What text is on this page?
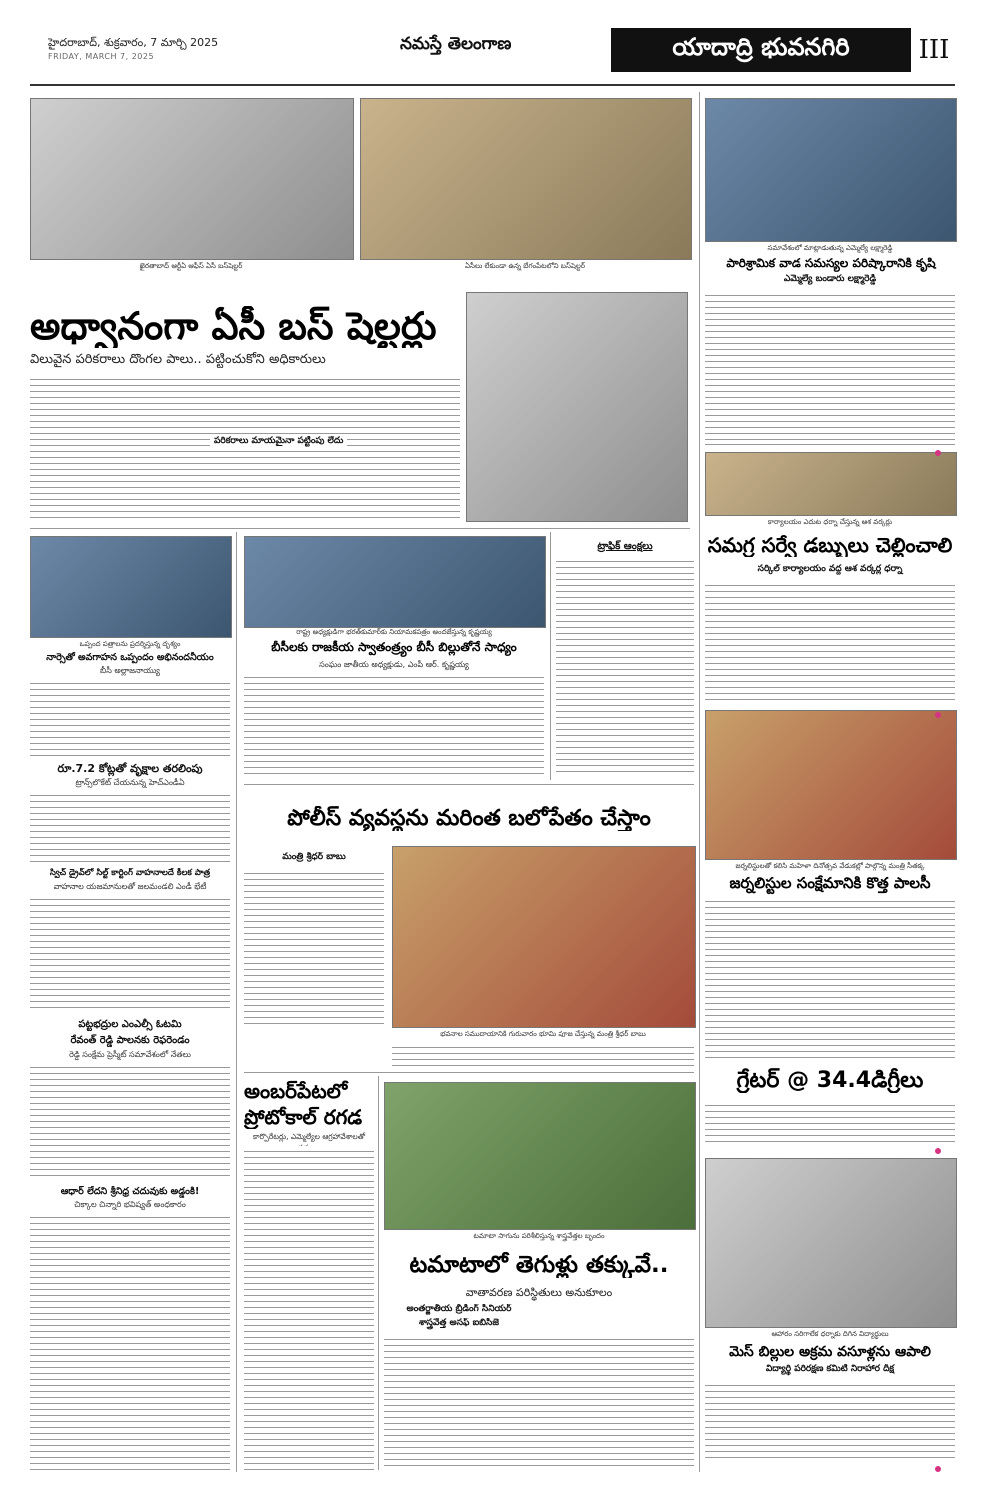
హైదరాబాద్, శుక్రవారం, 7 మార్చి 2025
FRIDAY, MARCH 7, 2025
నమస్తే తెలంగాణ	యాదాద్రి భువనగిరి	III
ఖైరతాబాద్ ఆర్టీఏ ఆఫీస్ ఏసీ బస్‌షెల్టర్	ఏసీలు లేకుండా ఉన్న బేగంపేటలోని బస్‌షెల్టర్
సమావేశంలో మాట్లాడుతున్న ఎమ్మెల్యే లక్ష్మారెడ్డి
పారిశ్రామిక వాడ సమస్యల పరిష్కారానికి కృషి
ఎమ్మెల్యే బండారు లక్ష్మారెడ్డి
అధ్వానంగా ఏసీ బస్ షెల్టర్లు
విలువైన పరికరాలు దొంగల పాలు.. పట్టించుకోని అధికారులు
పరికరాలు మాయమైనా పట్టింపు లేదు
కార్యాలయం ఎదుట ధర్నా చేస్తున్న ఆశ వర్కర్లు
సమగ్ర సర్వే డబ్బులు చెల్లించాలి
సర్కిల్ కార్యాలయం వద్ద ఆశ వర్కర్ల ధర్నా
జర్నలిస్టులతో కలిసి మహిళా దినోత్సవ వేడుకల్లో పాల్గొన్న మంత్రి సీతక్క
జర్నలిస్టుల సంక్షేమానికి కొత్త పాలసీ
గ్రేటర్ @ 34.4డిగ్రీలు
ఆహారం సరిగాలేక ధర్నాకు దిగిన విద్యార్థులు
మెస్ బిల్లుల అక్రమ వసూళ్లను ఆపాలి
విద్యార్థి పరిరక్షణ కమిటీ నిరాహార దీక్ష
ఒప్పంద పత్రాలను ప్రదర్శిస్తున్న దృశ్యం
నార్సెతో అవగాహన ఒప్పందం అభినందనీయం
బీసీ అల్లాజనాయ్యు
రూ.7.2 కోట్లతో వృక్షాల తరలింపు
ట్రాన్స్‌లొకేట్ చేయనున్న హెచ్ఎండీఏ
స్విచ్ డ్రైవ్‌లో సిల్ట్ కార్టింగ్ వాహనాలదే కీలక పాత్ర
వాహనాల యజమానులతో జలమండలి ఎండీ భేటీ
పట్టభద్రుల ఎంఎల్సీ ఓటమి
రేవంత్ రెడ్డి పాలనకు రెఫరెండం
రెడ్డి సంక్షేమ ప్రెస్మీట్ సమావేశంలో నేతలు
ఆధార్ లేదని శ్రీనిధ్ర చదువుకు అడ్డంకి!
చిక్కాల చిన్నారి భవిష్యత్ అంధకారం
రాష్ట్ర అధ్యక్షుడిగా భరత్‌కుమార్‌కు నియామకపత్రం అందజేస్తున్న కృష్ణయ్య
బీసీలకు రాజకీయ స్వాతంత్ర్యం బీసీ బిల్లుతోనే సాధ్యం
సంఘం జాతీయ అధ్యక్షుడు, ఎంపీ ఆర్. కృష్ణయ్య
ట్రాఫిక్ ఆంక్షలు
పోలీస్ వ్యవస్థను మరింత బలోపేతం చేస్తాం
మంత్రి శ్రీధర్ బాబు
భవనాల సముదాయానికి గురువారం భూమి పూజ చేస్తున్న మంత్రి శ్రీధర్ బాబు
అంబర్‌పేటలో
ప్రోటోకాల్ రగడ
కార్పొరేటర్లు, ఎమ్మెల్యేల ఆగ్రహావేశాలతో
టమాటా సాగును పరిశీలిస్తున్న శాస్త్రవేత్తల బృందం
టమాటాలో తెగుళ్లు తక్కువే..
వాతావరణ పరిస్థితులు అనుకూలం
అంతర్జాతీయ బ్రీడింగ్ సీనియర్
శాస్త్రవేత్త అసఫ్ ఐబిసీజె
